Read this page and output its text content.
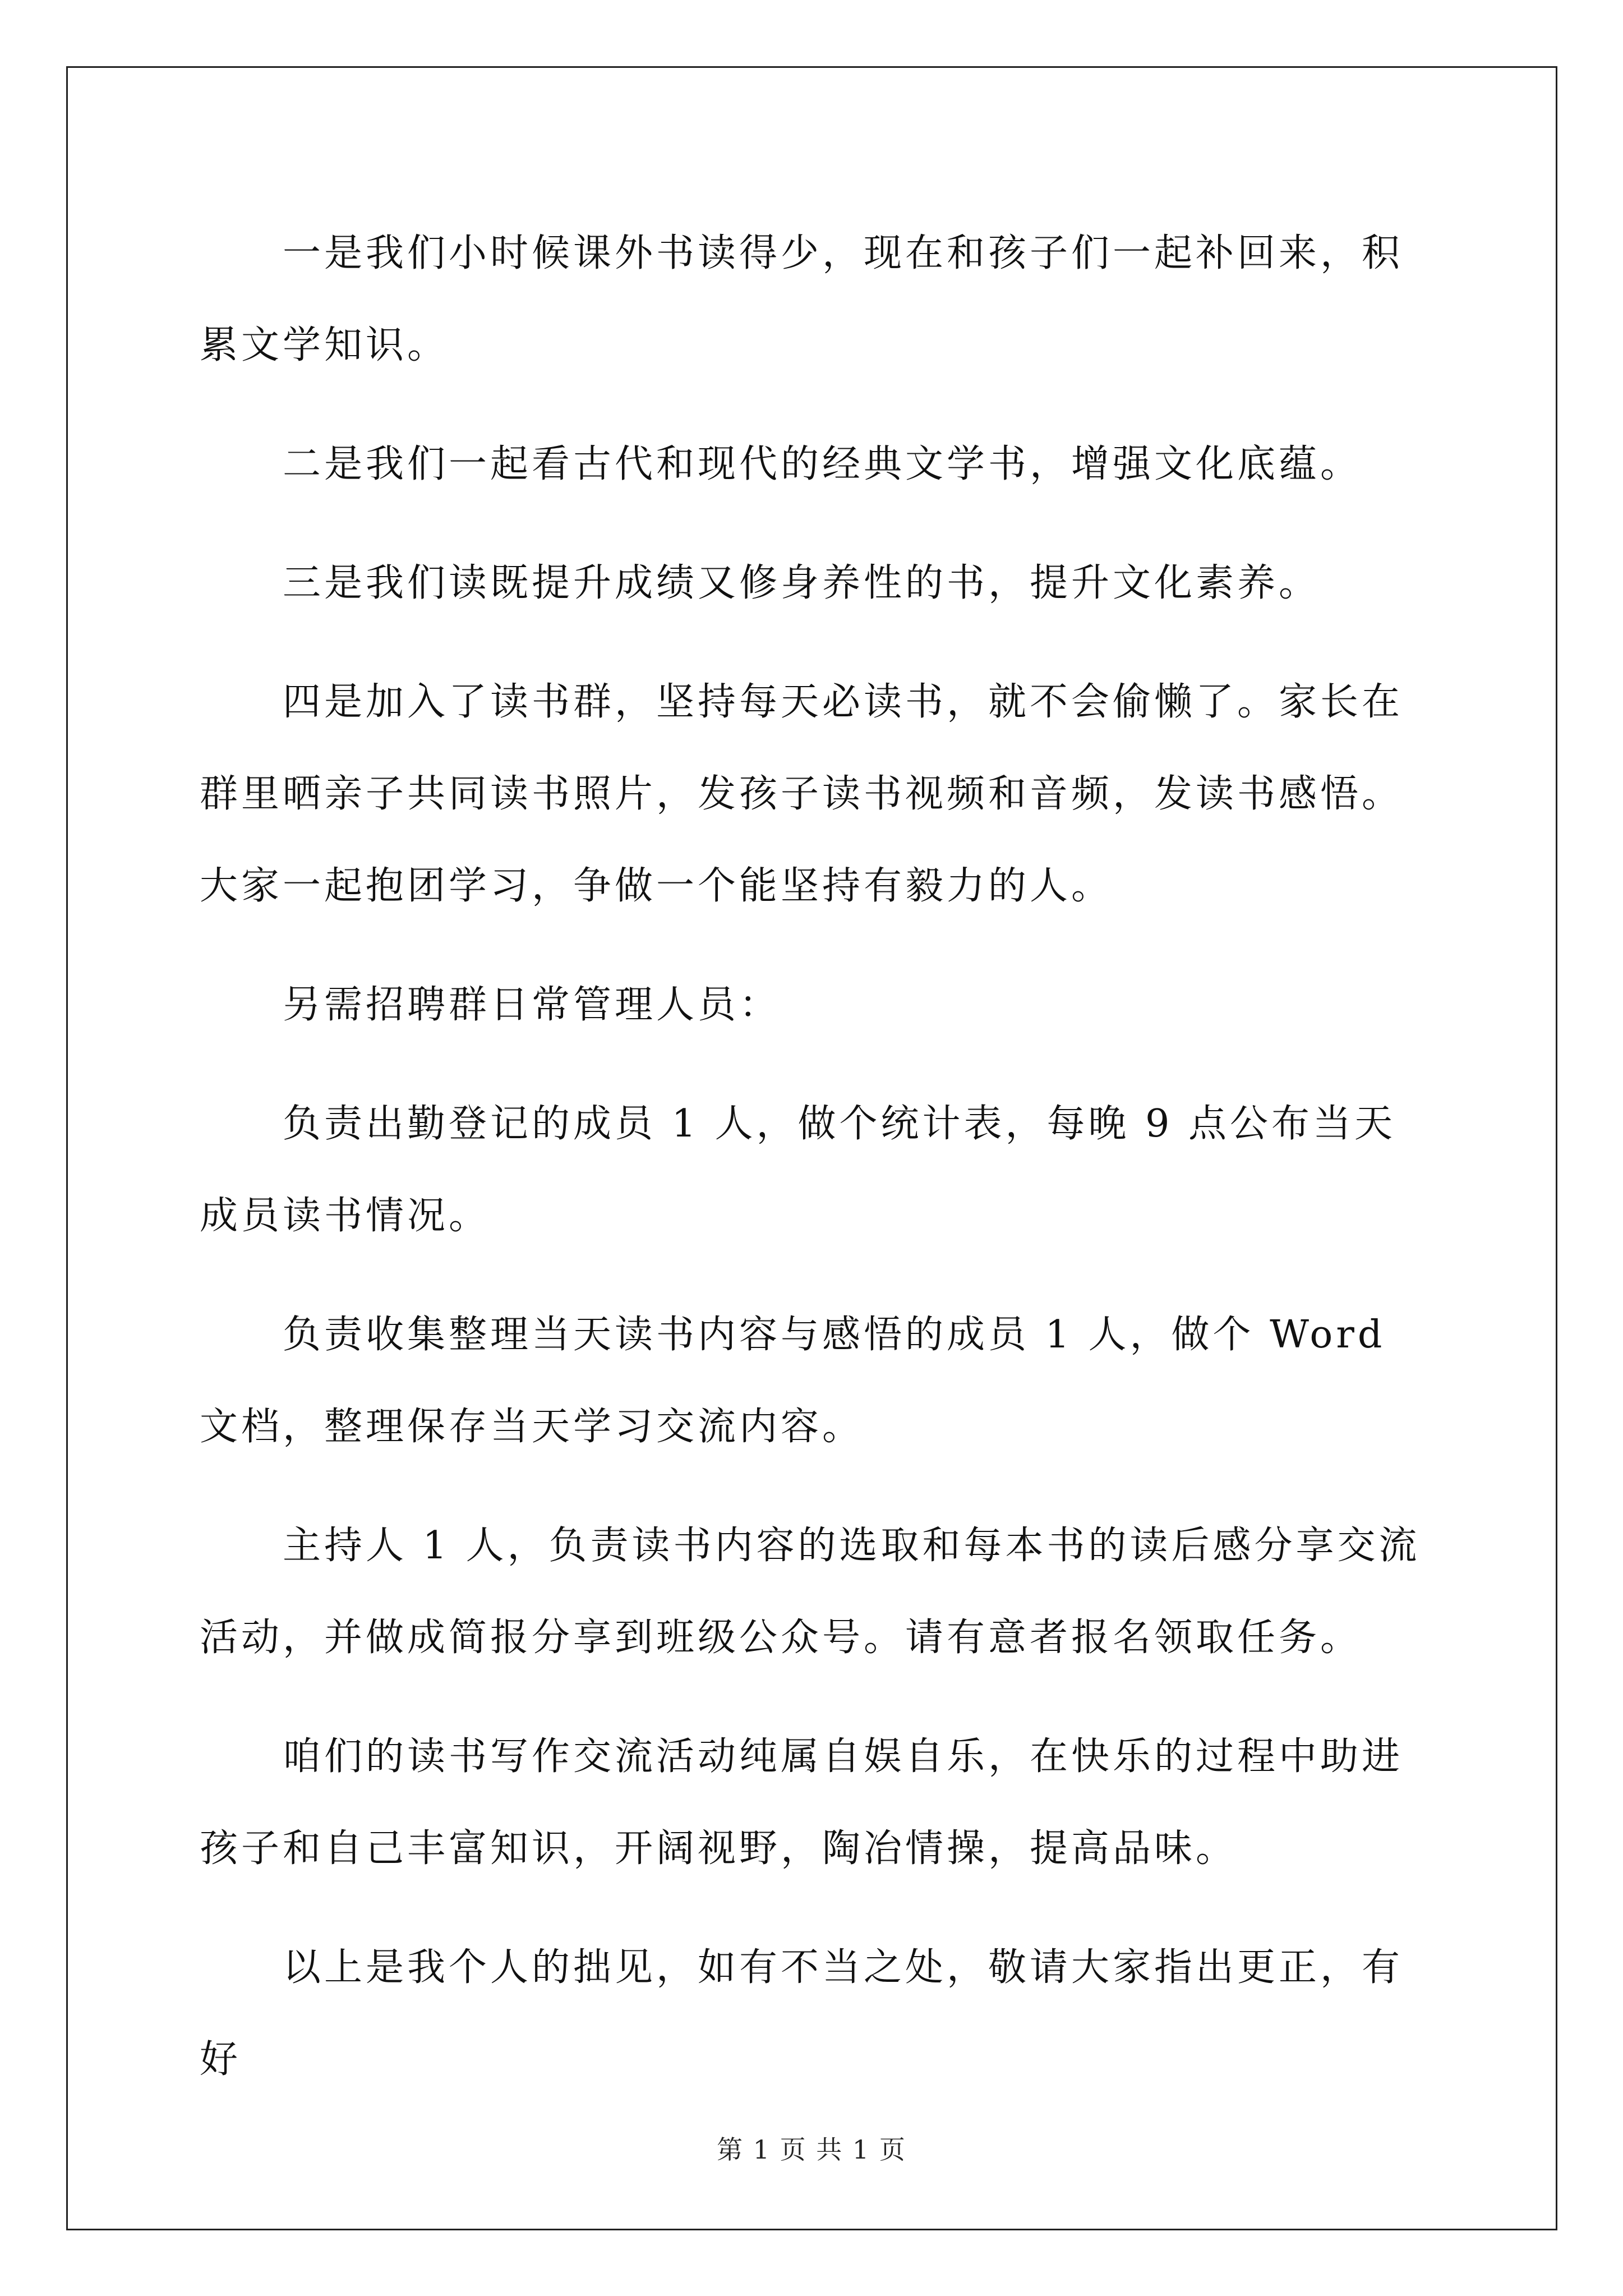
一是我们小时候课外书读得少，现在和孩子们一起补回来，积累文学知识。

二是我们一起看古代和现代的经典文学书，增强文化底蕴。

三是我们读既提升成绩又修身养性的书，提升文化素养。

四是加入了读书群，坚持每天必读书，就不会偷懒了。家长在群里晒亲子共同读书照片，发孩子读书视频和音频，发读书感悟。大家一起抱团学习，争做一个能坚持有毅力的人。

另需招聘群日常管理人员：

负责出勤登记的成员 1 人，做个统计表，每晚 9 点公布当天成员读书情况。

负责收集整理当天读书内容与感悟的成员 1 人，做个 Word 文档，整理保存当天学习交流内容。

主持人 1 人，负责读书内容的选取和每本书的读后感分享交流活动，并做成简报分享到班级公众号。请有意者报名领取任务。

咱们的读书写作交流活动纯属自娱自乐，在快乐的过程中助进孩子和自己丰富知识，开阔视野，陶冶情操，提高品味。

以上是我个人的拙见，如有不当之处，敬请大家指出更正，有好

第 1 页 共 1 页
